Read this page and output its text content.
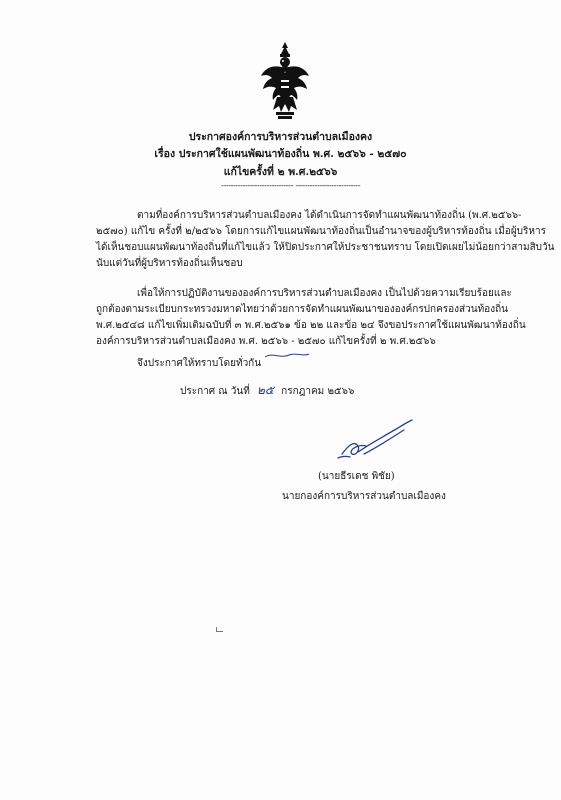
ประกาศองค์การบริหารส่วนตำบลเมืองคง
เรื่อง ประกาศใช้แผนพัฒนาท้องถิ่น พ.ศ. ๒๕๖๖ - ๒๕๗๐
แก้ไขครั้งที่ ๒ พ.ศ.๒๕๖๖
------------------------------ ---------------------------
ตามที่องค์การบริหารส่วนตำบลเมืองคง ได้ดำเนินการจัดทำแผนพัฒนาท้องถิ่น (พ.ศ.๒๕๖๖-
๒๕๗๐) แก้ไข ครั้งที่ ๒/๒๕๖๖ โดยการแก้ไขแผนพัฒนาท้องถิ่นเป็นอำนาจของผู้บริหารท้องถิ่น เมื่อผู้บริหาร
ได้เห็นชอบแผนพัฒนาท้องถิ่นที่แก้ไขแล้ว ให้ปิดประกาศให้ประชาชนทราบ โดยเปิดเผยไม่น้อยกว่าสามสิบวัน
นับแต่วันที่ผู้บริหารท้องถิ่นเห็นชอบ
เพื่อให้การปฏิบัติงานขององค์การบริหารส่วนตำบลเมืองคง เป็นไปด้วยความเรียบร้อยและ
ถูกต้องตามระเบียบกระทรวงมหาดไทยว่าด้วยการจัดทำแผนพัฒนาขององค์กรปกครองส่วนท้องถิ่น
พ.ศ.๒๕๔๘ แก้ไขเพิ่มเติมฉบับที่ ๓ พ.ศ.๒๕๖๑ ข้อ ๒๒ และข้อ ๒๔ จึงขอประกาศใช้แผนพัฒนาท้องถิ่น
องค์การบริหารส่วนตำบลเมืองคง พ.ศ. ๒๕๖๖ - ๒๕๗๐ แก้ไขครั้งที่ ๒ พ.ศ.๒๕๖๖
จึงประกาศให้ทราบโดยทั่วกัน
ประกาศ ณ วันที่ ๒๕ กรกฎาคม ๒๕๖๖
(นายธีรเดช พิชัย)
นายกองค์การบริหารส่วนตำบลเมืองคง
